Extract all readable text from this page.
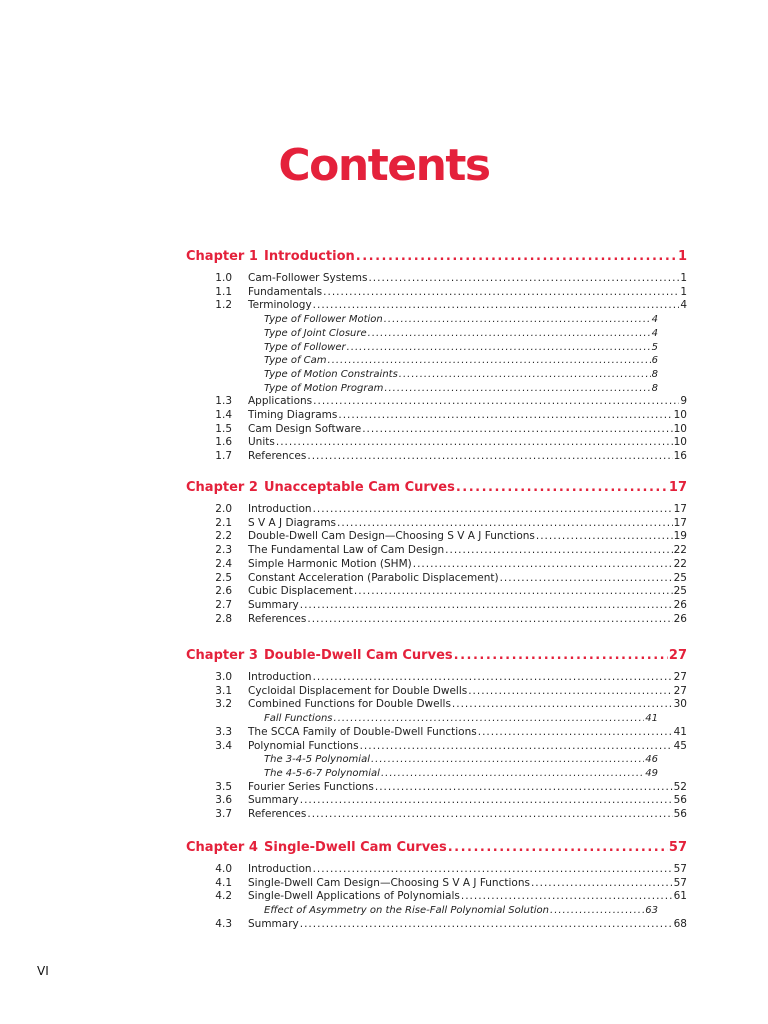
Contents
Chapter 1 Introduction .....	1
1.0	Cam-Follower Systems .....	1
1.1	Fundamentals .....	1
1.2	Terminology .....	4
Type of Follower Motion .....	4
Type of Joint Closure .....	4
Type of Follower .....	5
Type of Cam .....	6
Type of Motion Constraints .....	8
Type of Motion Program .....	8
1.3	Applications .....	9
1.4	Timing Diagrams .....	10
1.5	Cam Design Software .....	10
1.6	Units .....	10
1.7	References .....	16
Chapter 2 Unacceptable Cam Curves .....	17
2.0	Introduction .....	17
2.1	S V A J Diagrams .....	17
2.2	Double-Dwell Cam Design—Choosing S V A J Functions .....	19
2.3	The Fundamental Law of Cam Design .....	22
2.4	Simple Harmonic Motion (SHM) .....	22
2.5	Constant Acceleration (Parabolic Displacement) .....	25
2.6	Cubic Displacement .....	25
2.7	Summary .....	26
2.8	References .....	26
Chapter 3 Double-Dwell Cam Curves .....	27
3.0	Introduction .....	27
3.1	Cycloidal Displacement for Double Dwells .....	27
3.2	Combined Functions for Double Dwells .....	30
Fall Functions .....	41
3.3	The SCCA Family of Double-Dwell Functions .....	41
3.4	Polynomial Functions .....	45
The 3-4-5 Polynomial .....	46
The 4-5-6-7 Polynomial .....	49
3.5	Fourier Series Functions .....	52
3.6	Summary .....	56
3.7	References .....	56
Chapter 4 Single-Dwell Cam Curves .....	57
4.0	Introduction .....	57
4.1	Single-Dwell Cam Design—Choosing S V A J Functions .....	57
4.2	Single-Dwell Applications of Polynomials .....	61
Effect of Asymmetry on the Rise-Fall Polynomial Solution .....	63
4.3	Summary .....	68
VI
